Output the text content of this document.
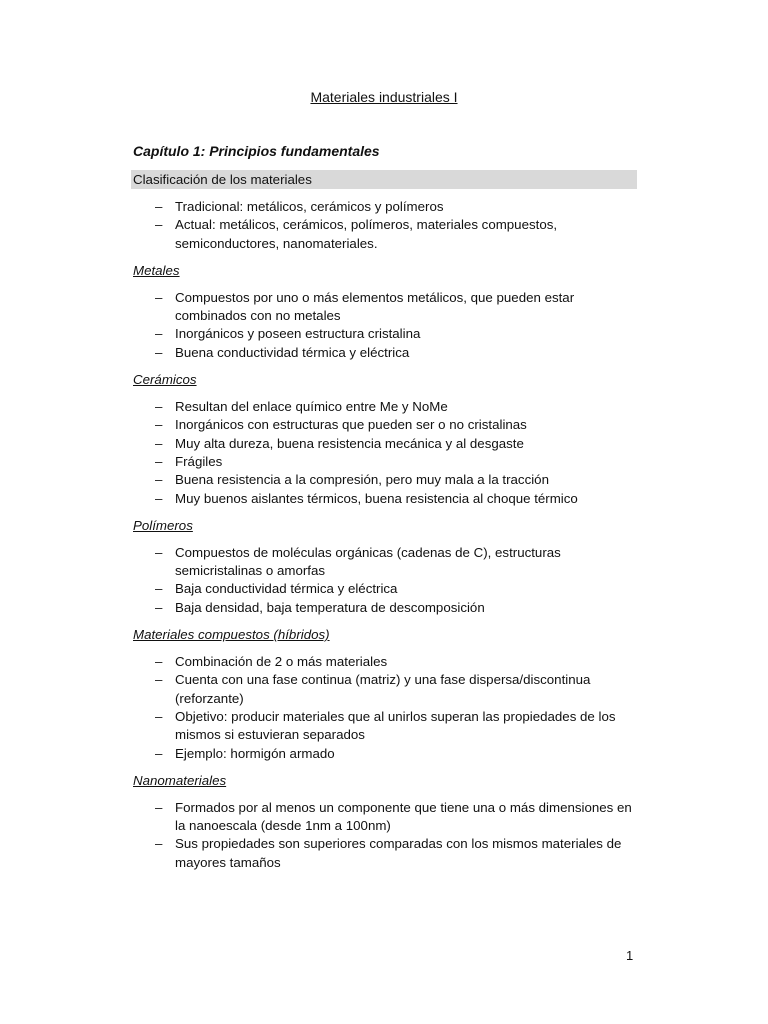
Materiales industriales I
Capítulo 1: Principios fundamentales
Clasificación de los materiales
– Tradicional: metálicos, cerámicos y polímeros
– Actual: metálicos, cerámicos, polímeros, materiales compuestos, semiconductores, nanomateriales.
Metales
– Compuestos por uno o más elementos metálicos, que pueden estar combinados con no metales
– Inorgánicos y poseen estructura cristalina
– Buena conductividad térmica y eléctrica
Cerámicos
– Resultan del enlace químico entre Me y NoMe
– Inorgánicos con estructuras que pueden ser o no cristalinas
– Muy alta dureza, buena resistencia mecánica y al desgaste
– Frágiles
– Buena resistencia a la compresión, pero muy mala a la tracción
– Muy buenos aislantes térmicos, buena resistencia al choque térmico
Polímeros
– Compuestos de moléculas orgánicas (cadenas de C), estructuras semicristalinas o amorfas
– Baja conductividad térmica y eléctrica
– Baja densidad, baja temperatura de descomposición
Materiales compuestos (híbridos)
– Combinación de 2 o más materiales
– Cuenta con una fase continua (matriz) y una fase dispersa/discontinua (reforzante)
– Objetivo: producir materiales que al unirlos superan las propiedades de los mismos si estuvieran separados
– Ejemplo: hormigón armado
Nanomateriales
– Formados por al menos un componente que tiene una o más dimensiones en la nanoescala (desde 1nm a 100nm)
– Sus propiedades son superiores comparadas con los mismos materiales de mayores tamaños
1
